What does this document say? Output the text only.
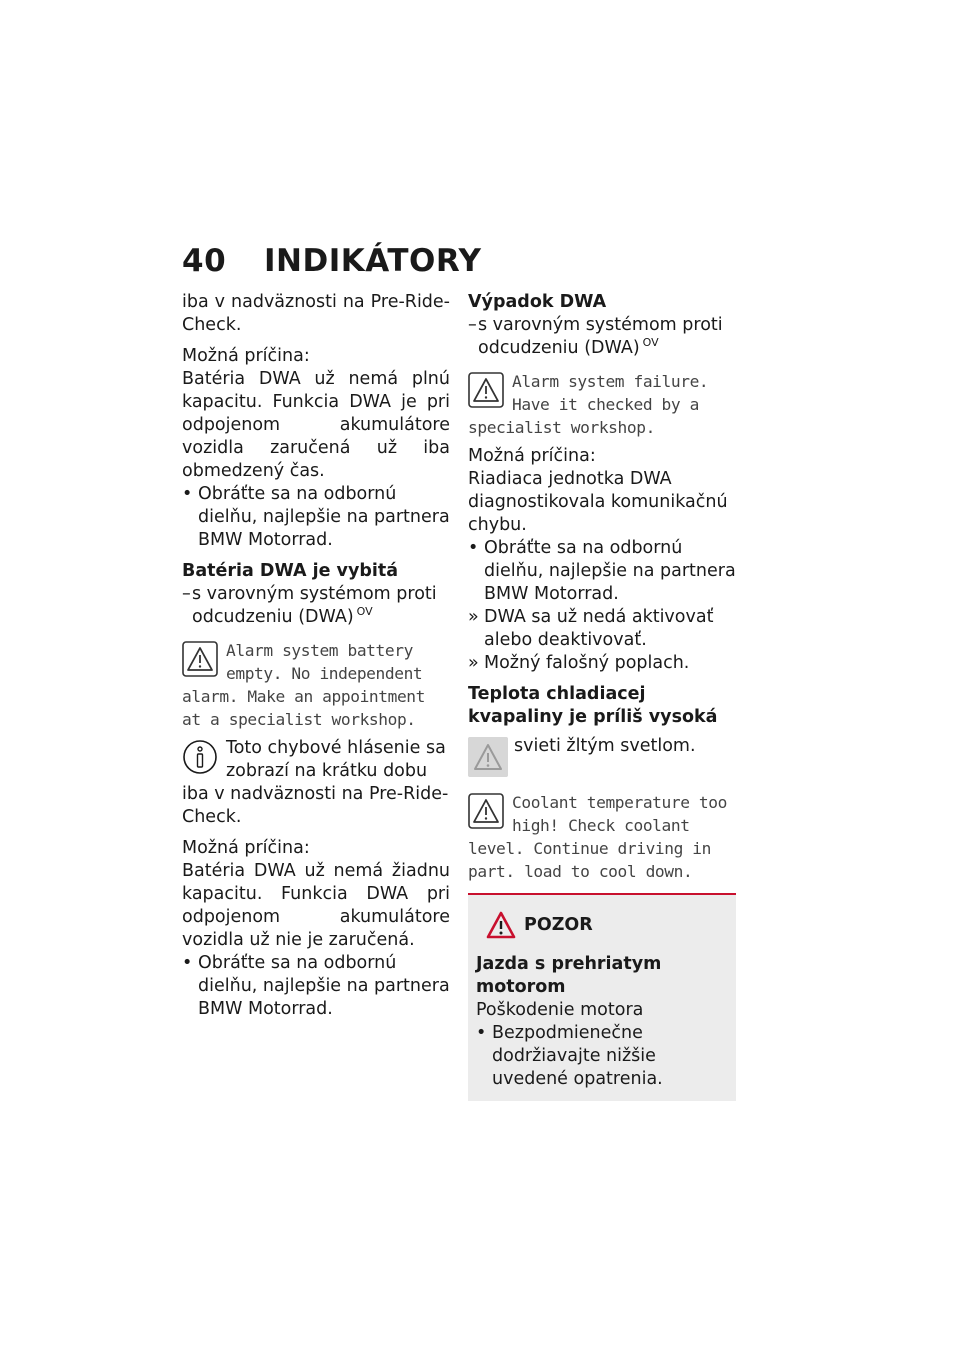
40 INDIKÁTORY

iba v nadväznosti na Pre-Ride-Check.

Možná príčina:

Batéria DWA už nemá plnú kapacitu. Funkcia DWA je pri odpojenom akumulátore vozidla zaručená už iba obmedzený čas.

• Obráťte sa na odbornú dielňu, najlepšie na partnera BMW Motorrad.

Batéria DWA je vybitá

– s varovným systémom proti odcudzeniu (DWA) $^{OV}$

Alarm system battery empty. No independent alarm. Make an appointment at a specialist workshop.
Toto chybové hlásenie sa zobrazí na krátku dobu iba v nadväznosti na Pre-Ride-Check.

Možná príčina:

Batéria DWA už nemá žiadnu kapacitu. Funkcia DWA pri odpojenom akumulátore vozidla už nie je zaručená.

• Obráťte sa na odbornú dielňu, najlepšie na partnera BMW Motorrad.

Výpadok DWA

– s varovným systémom proti odcudzeniu (DWA) $^{OV}$

Alarm system failure. Have it checked by a specialist workshop.

Možná príčina:

Riadiaca jednotka DWA diagnostikovala komunikačnú chybu.

• Obráťte sa na odbornú dielňu, najlepšie na partnera BMW Motorrad.

» DWA sa už nedá aktivovať alebo deaktivovať.

» Možný falošný poplach.

Teplota chladiacej kvapaliny je príliš vysoká

svieti žltým svetlom.
Coolant temperature too high! Check coolant level. Continue driving in part. load to cool down.
POZOR

Jazda s prehriatym motorom

Poškodenie motora

• Bezpodmienečne dodržiavajte nižšie uvedené opatrenia.
